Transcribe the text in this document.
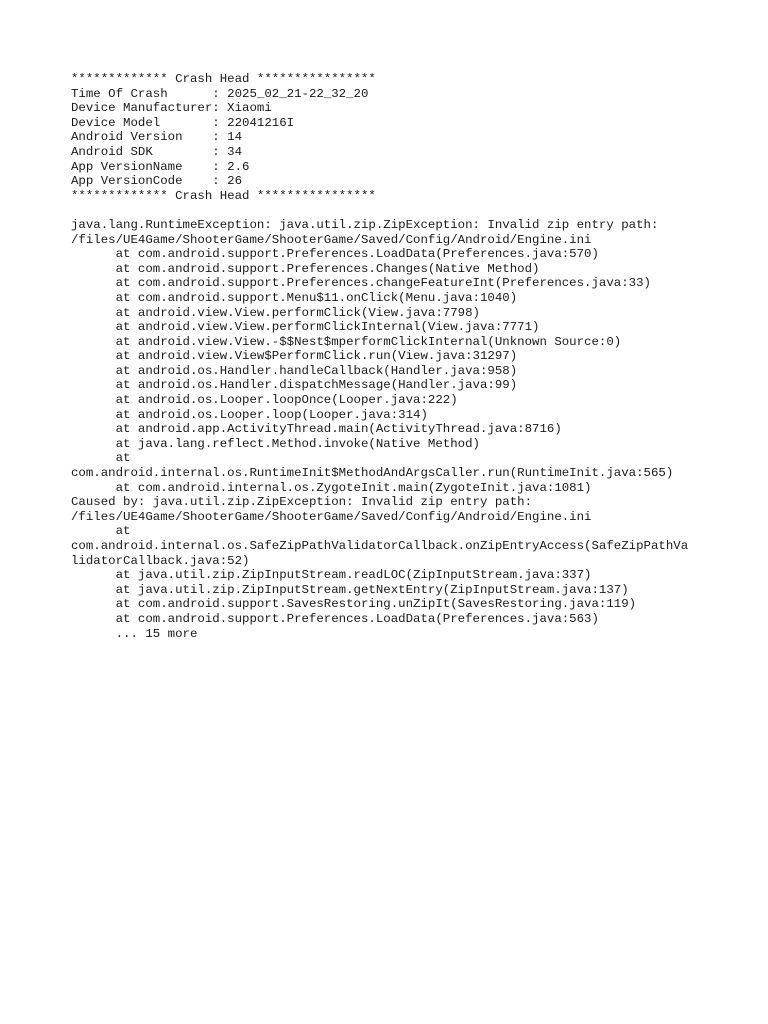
************* Crash Head ****************
Time Of Crash      : 2025_02_21-22_32_20
Device Manufacturer: Xiaomi
Device Model       : 22041216I
Android Version    : 14
Android SDK        : 34
App VersionName    : 2.6
App VersionCode    : 26
************* Crash Head ****************
java.lang.RuntimeException: java.util.zip.ZipException: Invalid zip entry path:
/files/UE4Game/ShooterGame/ShooterGame/Saved/Config/Android/Engine.ini
at com.android.support.Preferences.LoadData(Preferences.java:570)
at com.android.support.Preferences.Changes(Native Method)
at com.android.support.Preferences.changeFeatureInt(Preferences.java:33)
at com.android.support.Menu$11.onClick(Menu.java:1040)
at android.view.View.performClick(View.java:7798)
at android.view.View.performClickInternal(View.java:7771)
at android.view.View.-$$Nest$mperformClickInternal(Unknown Source:0)
at android.view.View$PerformClick.run(View.java:31297)
at android.os.Handler.handleCallback(Handler.java:958)
at android.os.Handler.dispatchMessage(Handler.java:99)
at android.os.Looper.loopOnce(Looper.java:222)
at android.os.Looper.loop(Looper.java:314)
at android.app.ActivityThread.main(ActivityThread.java:8716)
at java.lang.reflect.Method.invoke(Native Method)
at
com.android.internal.os.RuntimeInit$MethodAndArgsCaller.run(RuntimeInit.java:565)
at com.android.internal.os.ZygoteInit.main(ZygoteInit.java:1081)
Caused by: java.util.zip.ZipException: Invalid zip entry path:
/files/UE4Game/ShooterGame/ShooterGame/Saved/Config/Android/Engine.ini
at
com.android.internal.os.SafeZipPathValidatorCallback.onZipEntryAccess(SafeZipPathVa
lidatorCallback.java:52)
at java.util.zip.ZipInputStream.readLOC(ZipInputStream.java:337)
at java.util.zip.ZipInputStream.getNextEntry(ZipInputStream.java:137)
at com.android.support.SavesRestoring.unZipIt(SavesRestoring.java:119)
at com.android.support.Preferences.LoadData(Preferences.java:563)
... 15 more
